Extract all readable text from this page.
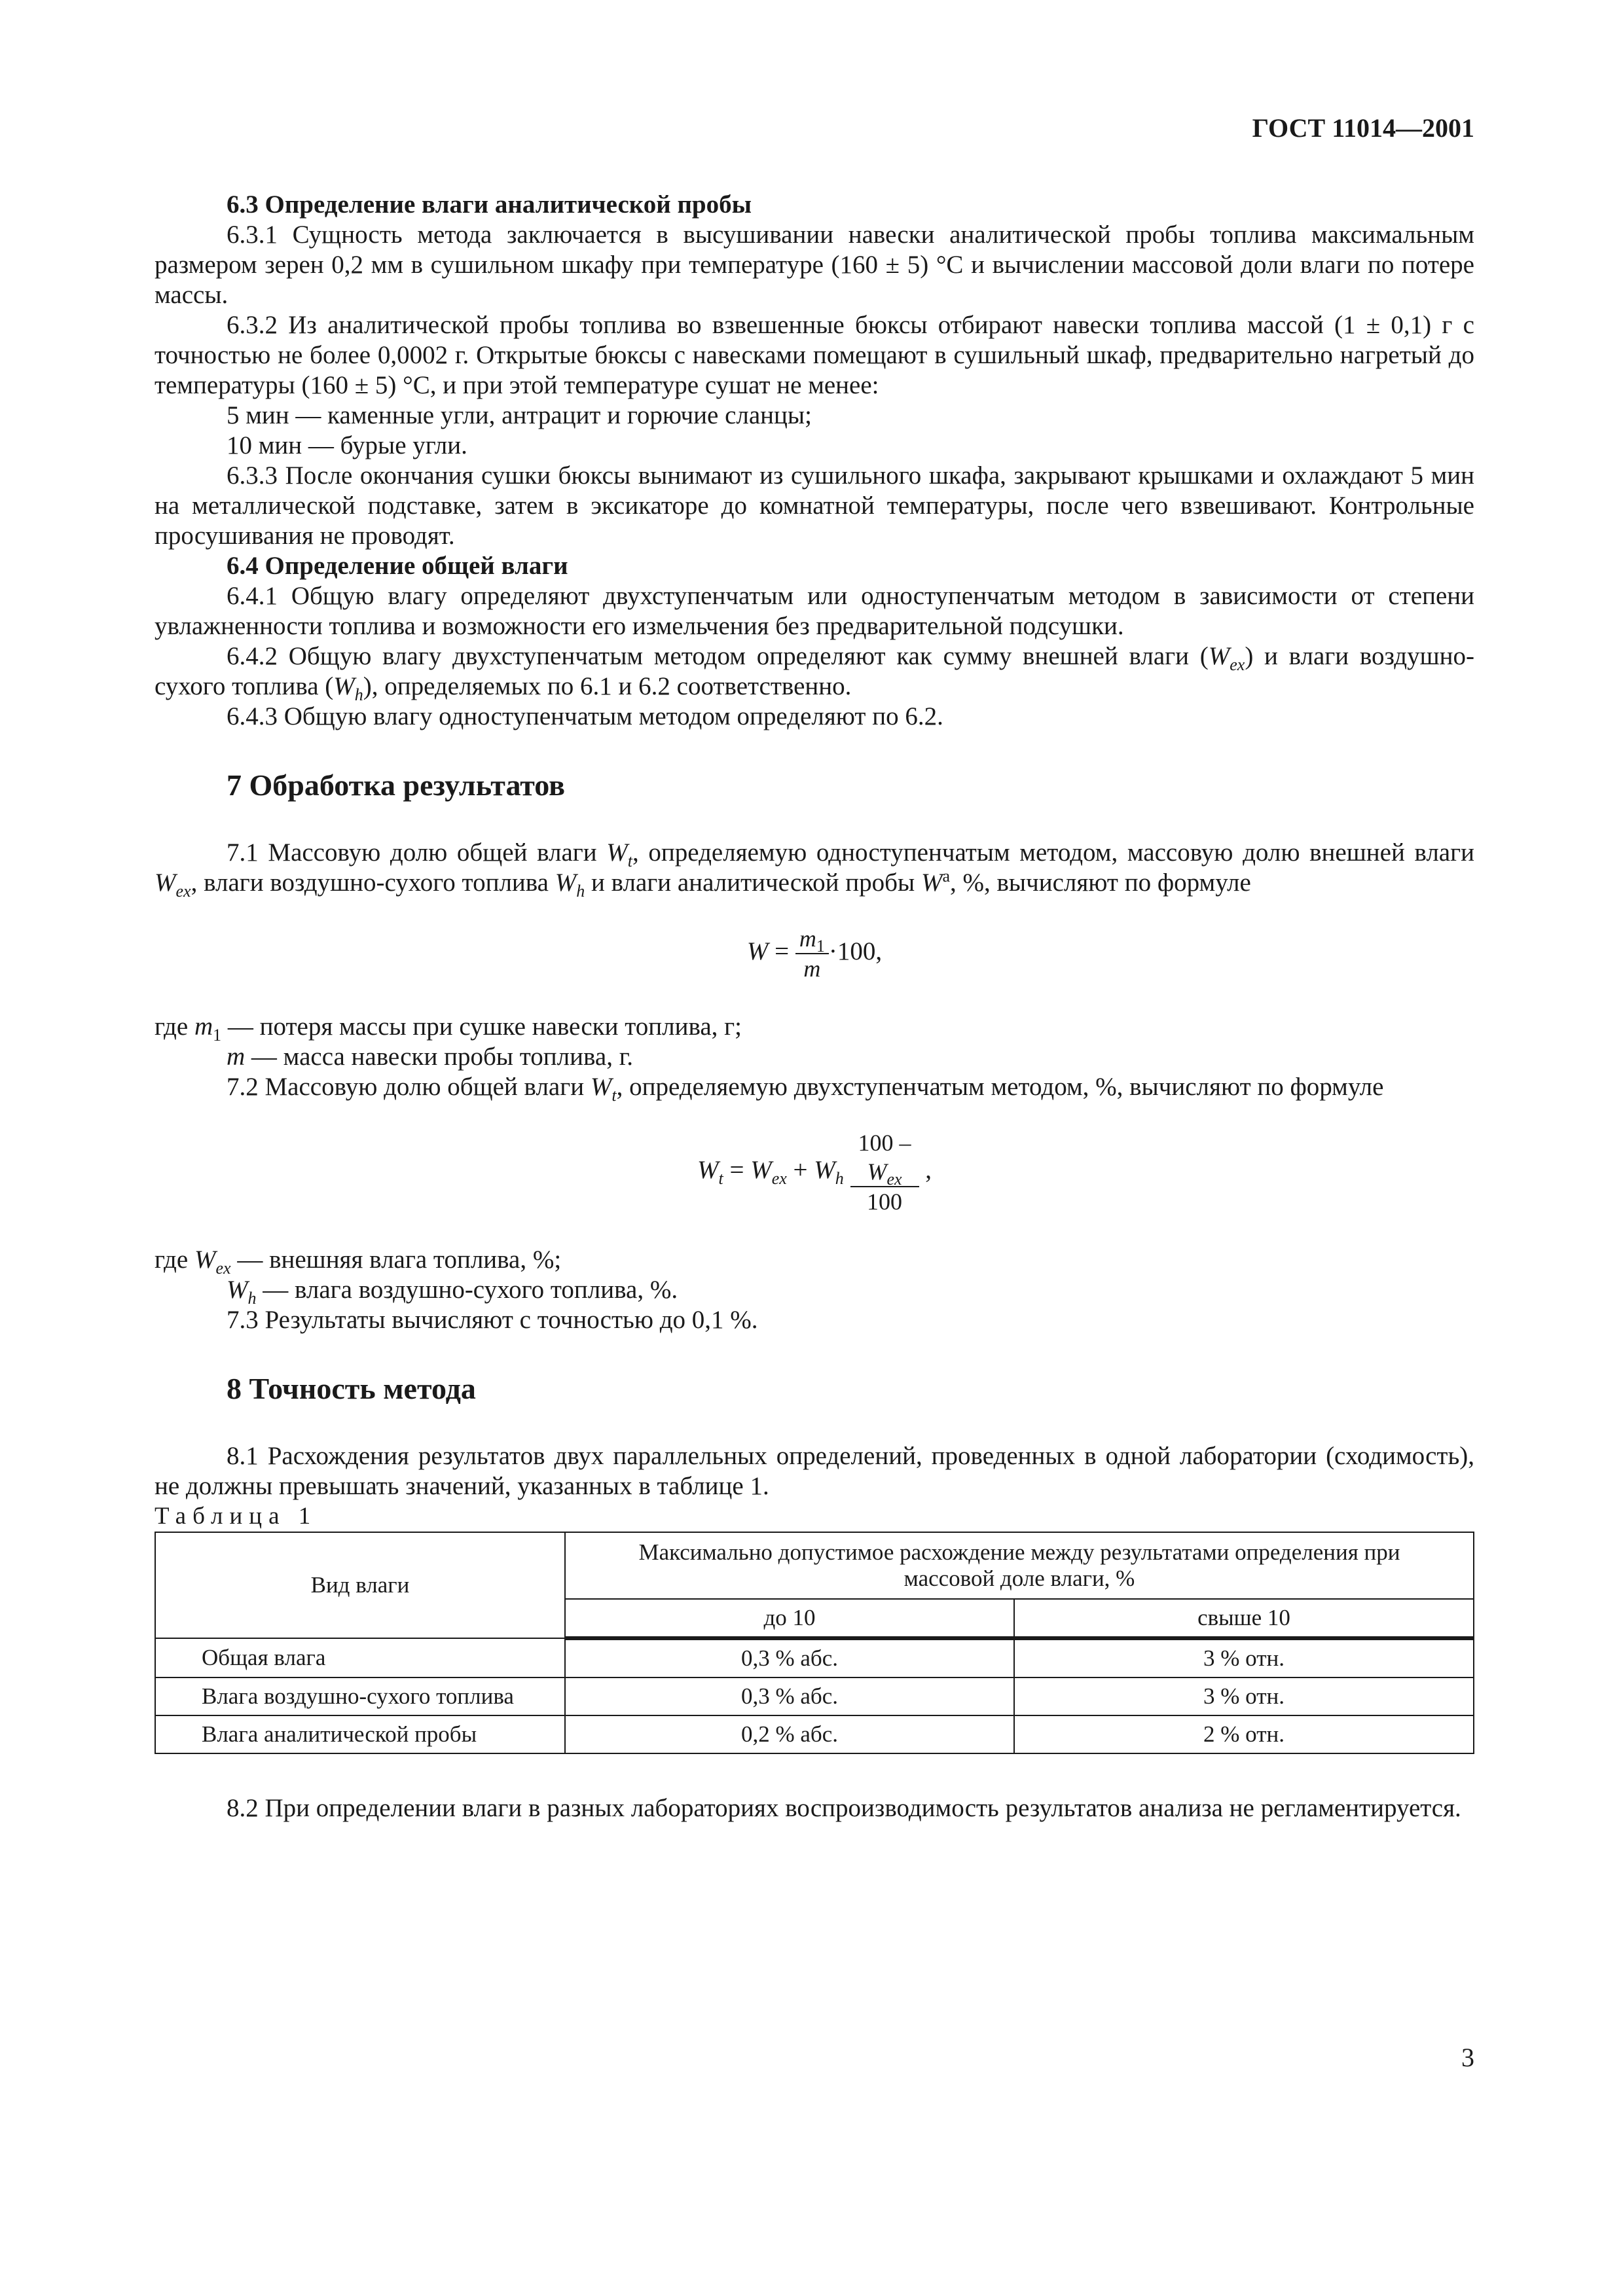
ГОСТ 11014—2001

6.3 Определение влаги аналитической пробы

6.3.1 Сущность метода заключается в высушивании навески аналитической пробы топлива максимальным размером зерен 0,2 мм в сушильном шкафу при температуре (160 ± 5) °С и вычислении массовой доли влаги по потере массы.

6.3.2 Из аналитической пробы топлива во взвешенные бюксы отбирают навески топлива массой (1 ± 0,1) г с точностью не более 0,0002 г. Открытые бюксы с навесками помещают в сушильный шкаф, предварительно нагретый до температуры (160 ± 5) °С, и при этой температуре сушат не менее:

5 мин — каменные угли, антрацит и горючие сланцы;

10 мин — бурые угли.

6.3.3 После окончания сушки бюксы вынимают из сушильного шкафа, закрывают крышками и охлаждают 5 мин на металлической подставке, затем в эксикаторе до комнатной температуры, после чего взвешивают. Контрольные просушивания не проводят.

6.4 Определение общей влаги

6.4.1 Общую влагу определяют двухступенчатым или одноступенчатым методом в зависимости от степени увлажненности топлива и возможности его измельчения без предварительной подсушки.

6.4.2 Общую влагу двухступенчатым методом определяют как сумму внешней влаги $(W_{ex})$ и влаги воздушно-сухого топлива $(W_h)$, определяемых по 6.1 и 6.2 соответственно.

6.4.3 Общую влагу одноступенчатым методом определяют по 6.2.

7 Обработка результатов

7.1 Массовую долю общей влаги $W_t$, определяемую одноступенчатым методом, массовую долю внешней влаги $W_{ex}$, влаги воздушно-сухого топлива $W_h$ и влаги аналитической пробы $W^a$, %, вычисляют по формуле

$W = \frac{m_1}{m} \cdot 100$,

где $m_1$ — потеря массы при сушке навески топлива, г;

m — масса навески пробы топлива, г.

7.2 Массовую долю общей влаги $W_t$, определяемую двухступенчатым методом, %, вычисляют по формуле

$W_t = W_{ex} + W_h$ 100 –
$W_{ex}$
100 ,

где $W_{ex}$ — внешняя влага топлива, %;

$W_h$ — влага воздушно-сухого топлива, %.

7.3 Результаты вычисляют с точностью до 0,1 %.

8 Точность метода

8.1 Расхождения результатов двух параллельных определений, проведенных в одной лаборатории (сходимость), не должны превышать значений, указанных в таблице 1.

Таблица 1

Вид влаги	Максимально допустимое расхождение между результатами определения при массовой доле влаги, %	
	до 10	свыше 10
Общая влага	0,3 % абс.	3 % отн.
Влага воздушно-сухого топлива	0,3 % абс.	3 % отн.
Влага аналитической пробы	0,2 % абс.	2 % отн.

8.2 При определении влаги в разных лабораториях воспроизводимость результатов анализа не регламентируется.

3
